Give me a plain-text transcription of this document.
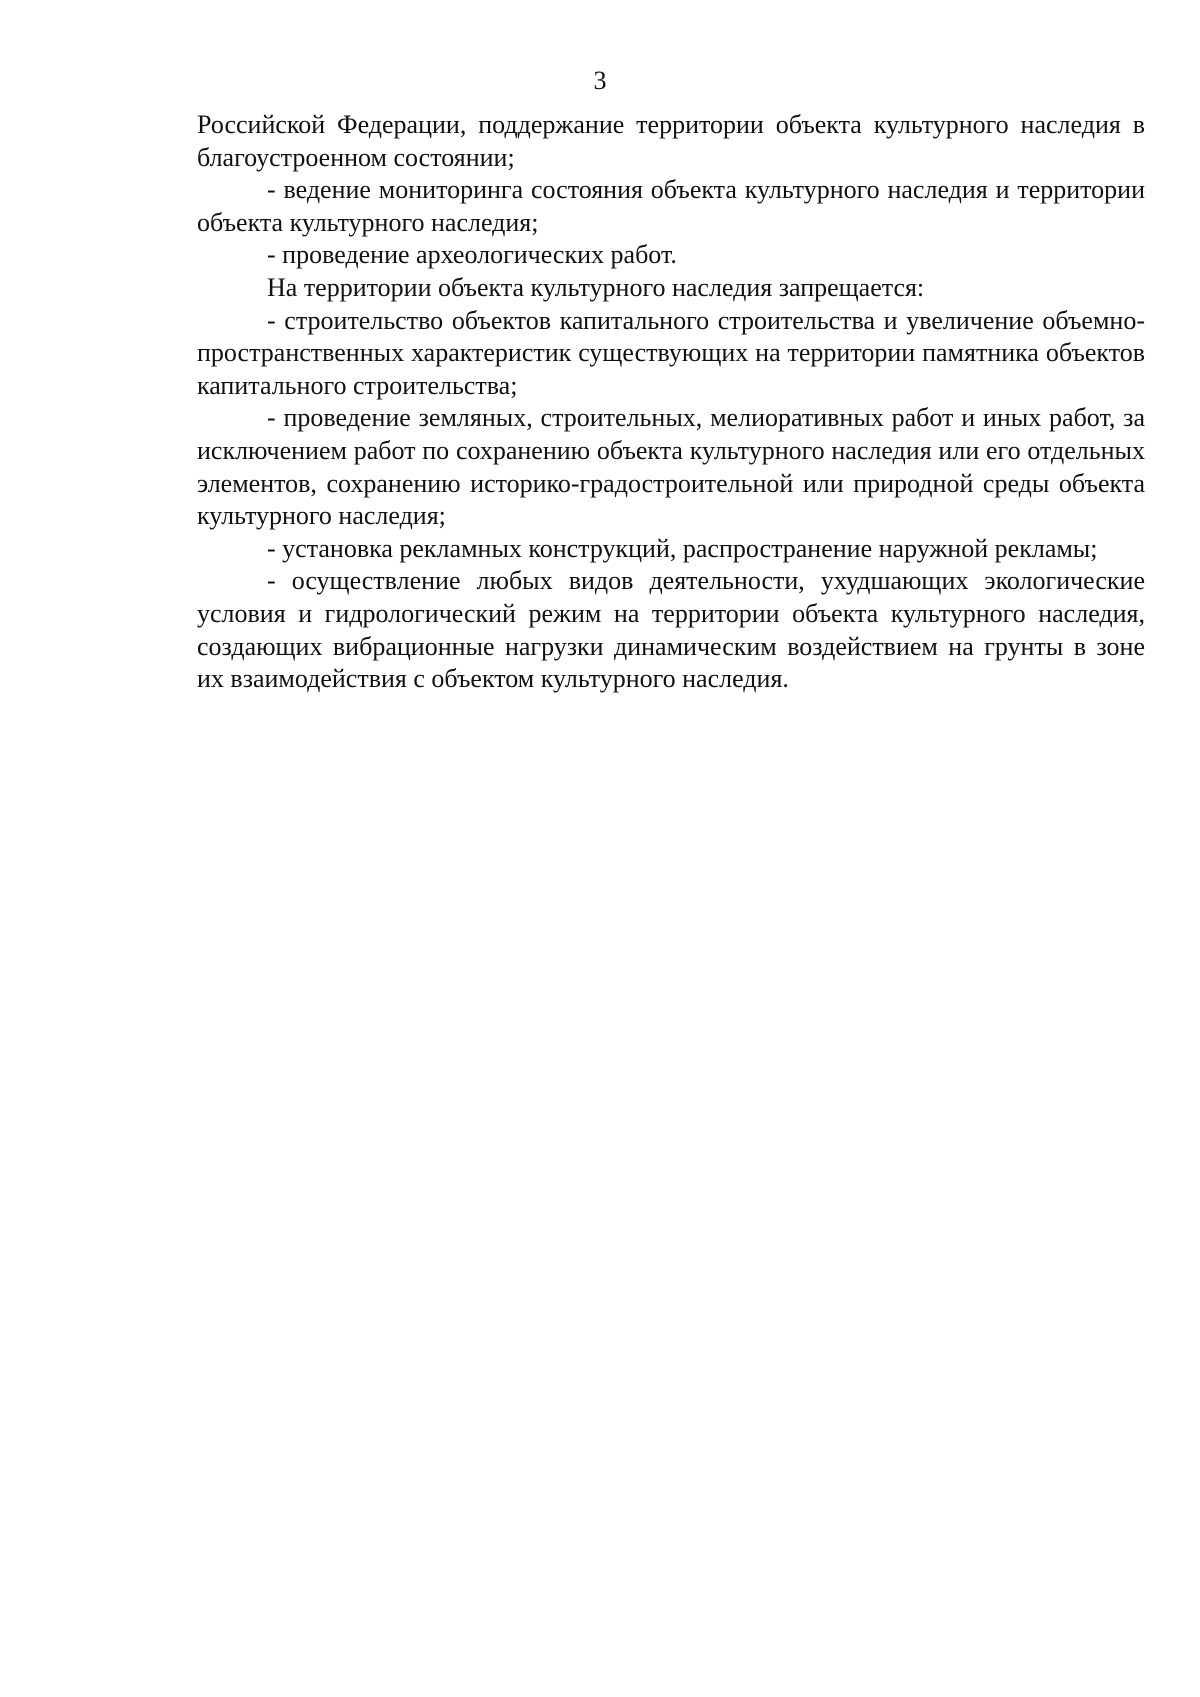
3

Российской Федерации, поддержание территории объекта культурного наследия в благоустроенном состоянии;

- ведение мониторинга состояния объекта культурного наследия и территории объекта культурного наследия;

- проведение археологических работ.

На территории объекта культурного наследия запрещается:

- строительство объектов капитального строительства и увеличение объемно-пространственных характеристик существующих на территории памятника объектов капитального строительства;

- проведение земляных, строительных, мелиоративных работ и иных работ, за исключением работ по сохранению объекта культурного наследия или его отдельных элементов, сохранению историко-градостроительной или природной среды объекта культурного наследия;

- установка рекламных конструкций, распространение наружной рекламы;

- осуществление любых видов деятельности, ухудшающих экологические условия и гидрологический режим на территории объекта культурного наследия, создающих вибрационные нагрузки динамическим воздействием на грунты в зоне их взаимодействия с объектом культурного наследия.
